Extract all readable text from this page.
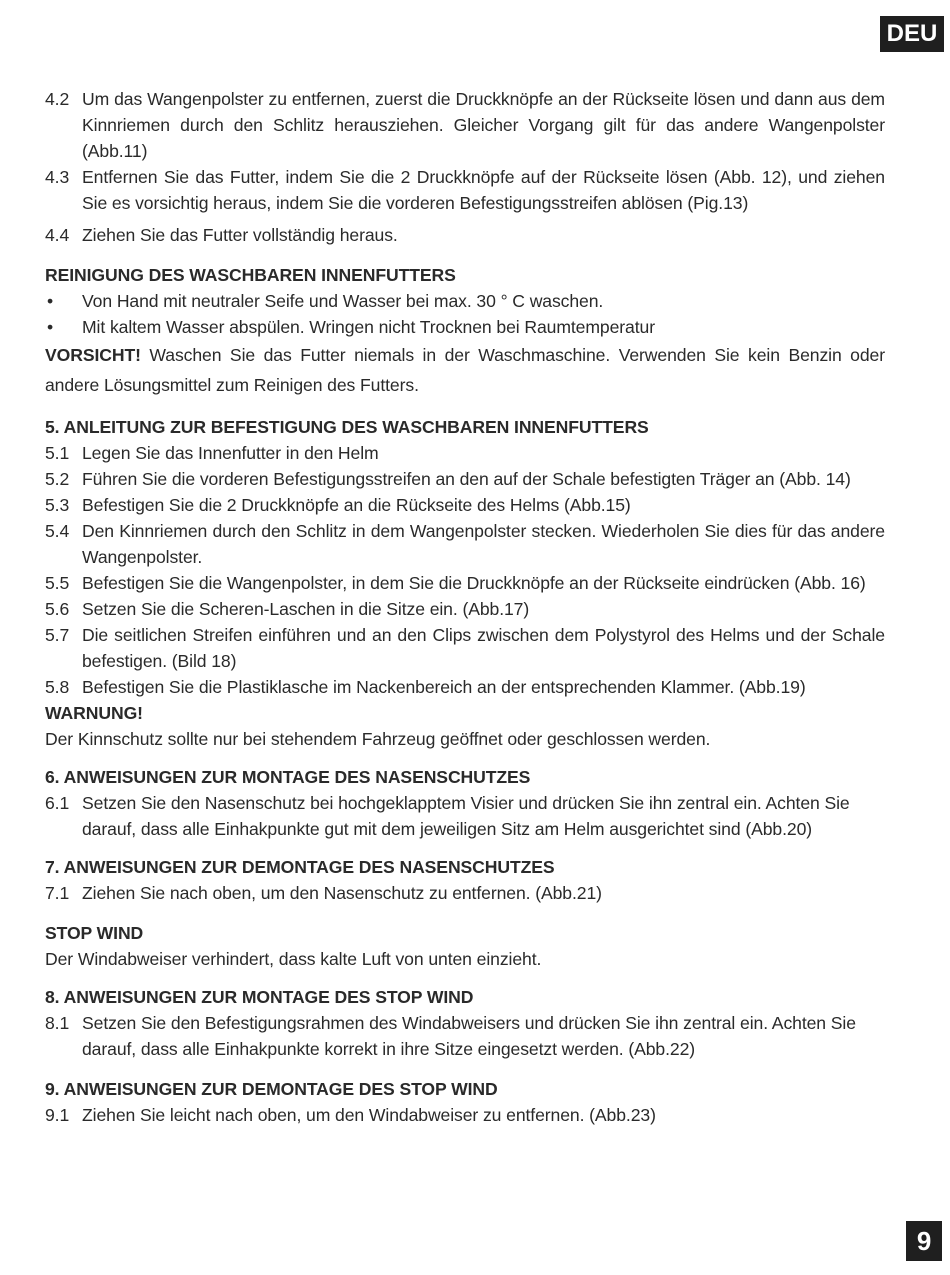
DEU
4.2 Um das Wangenpolster zu entfernen, zuerst die Druckknöpfe an der Rückseite lösen und dann aus dem Kinnriemen durch den Schlitz herausziehen. Gleicher Vorgang gilt für das andere Wangenpolster (Abb.11)
4.3 Entfernen Sie das Futter, indem Sie die 2 Druckknöpfe auf der Rückseite lösen (Abb. 12), und ziehen Sie es vorsichtig heraus, indem Sie die vorderen Befestigungsstreifen ablösen (Pig.13)
4.4 Ziehen Sie das Futter vollständig heraus.
REINIGUNG DES WASCHBAREN INNENFUTTERS
•	Von Hand mit neutraler Seife und Wasser bei max. 30 ° C waschen.
•	Mit kaltem Wasser abspülen. Wringen nicht Trocknen bei Raumtemperatur
VORSICHT! Waschen Sie das Futter niemals in der Waschmaschine. Verwenden Sie kein Benzin oder andere Lösungsmittel zum Reinigen des Futters.
5. ANLEITUNG ZUR BEFESTIGUNG DES WASCHBAREN INNENFUTTERS
5.1 Legen Sie das Innenfutter in den Helm
5.2 Führen Sie die vorderen Befestigungsstreifen an den auf der Schale befestigten Träger an (Abb. 14)
5.3 Befestigen Sie die 2 Druckknöpfe an die Rückseite des Helms (Abb.15)
5.4 Den Kinnriemen durch den Schlitz in dem Wangenpolster stecken. Wiederholen Sie dies für das andere Wangenpolster.
5.5 Befestigen Sie die Wangenpolster, in dem Sie die Druckknöpfe an der Rückseite eindrücken (Abb. 16)
5.6 Setzen Sie die Scheren-Laschen in die Sitze ein. (Abb.17)
5.7 Die seitlichen Streifen einführen und an den Clips zwischen dem Polystyrol des Helms und der Schale befestigen. (Bild 18)
5.8 Befestigen Sie die Plastiklasche im Nackenbereich an der entsprechenden Klammer. (Abb.19)
WARNUNG!
Der Kinnschutz sollte nur bei stehendem Fahrzeug geöffnet oder geschlossen werden.
6. ANWEISUNGEN ZUR MONTAGE DES NASENSCHUTZES
6.1 Setzen Sie den Nasenschutz bei hochgeklapptem Visier und drücken Sie ihn zentral ein. Achten Sie darauf, dass alle Einhakpunkte gut mit dem jeweiligen Sitz am Helm ausgerichtet sind (Abb.20)
7. ANWEISUNGEN ZUR DEMONTAGE DES NASENSCHUTZES
7.1 Ziehen Sie nach oben, um den Nasenschutz zu entfernen. (Abb.21)
STOP WIND
Der Windabweiser verhindert, dass kalte Luft von unten einzieht.
8. ANWEISUNGEN ZUR MONTAGE DES STOP WIND
8.1 Setzen Sie den Befestigungsrahmen des Windabweisers und drücken Sie ihn zentral ein. Achten Sie darauf, dass alle Einhakpunkte korrekt in ihre Sitze eingesetzt werden. (Abb.22)
9. ANWEISUNGEN ZUR DEMONTAGE DES STOP WIND
9.1 Ziehen Sie leicht nach oben, um den Windabweiser zu entfernen. (Abb.23)
9
